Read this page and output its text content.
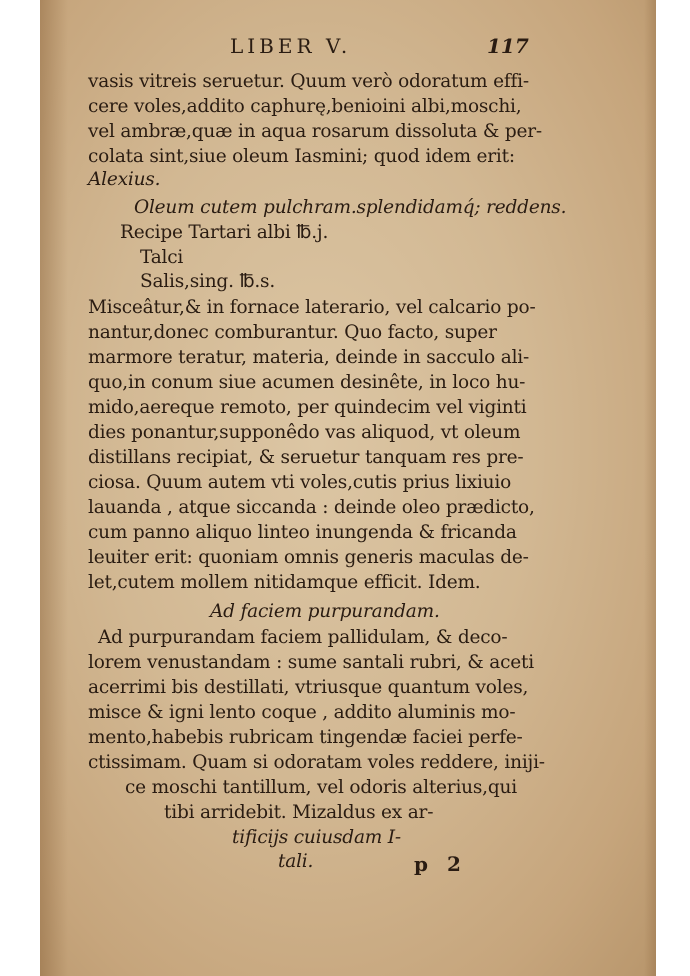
LIBER V.	117
vasis vitreis seruetur. Quum verò odoratum effi-
cere voles,addito caphurę,benioini albi,moschi,
vel ambræ,quæ in aqua rosarum dissoluta & per-
colata sint,siue oleum Iasmini; quod idem erit:
Alexius.
Oleum cutem pulchram.splendidamq́; reddens.
Recipe Tartari albi ℔.j.
Talci
Salis,sing. ℔.s.
Misceâtur,& in fornace laterario, vel calcario po-
nantur,donec comburantur. Quo facto, super
marmore teratur, materia, deinde in sacculo ali-
quo,in conum siue acumen desinête, in loco hu-
mido,aereque remoto, per quindecim vel viginti
dies ponantur,supponêdo vas aliquod, vt oleum
distillans recipiat, & seruetur tanquam res pre-
ciosa. Quum autem vti voles,cutis prius lixiuio
lauanda , atque siccanda : deinde oleo prædicto,
cum panno aliquo linteo inungenda & fricanda
leuiter erit: quoniam omnis generis maculas de-
let,cutem mollem nitidamque efficit. Idem.
Ad faciem purpurandam.
Ad purpurandam faciem pallidulam, & deco-
lorem venustandam : sume santali rubri, & aceti
acerrimi bis destillati, vtriusque quantum voles,
misce & igni lento coque , addito aluminis mo-
mento,habebis rubricam tingendæ faciei perfe-
ctissimam. Quam si odoratam voles reddere, iniji-
ce moschi tantillum, vel odoris alterius,qui
tibi arridebit. Mizaldus ex ar-
tificijs cuiusdam I-
tali.	p 2
